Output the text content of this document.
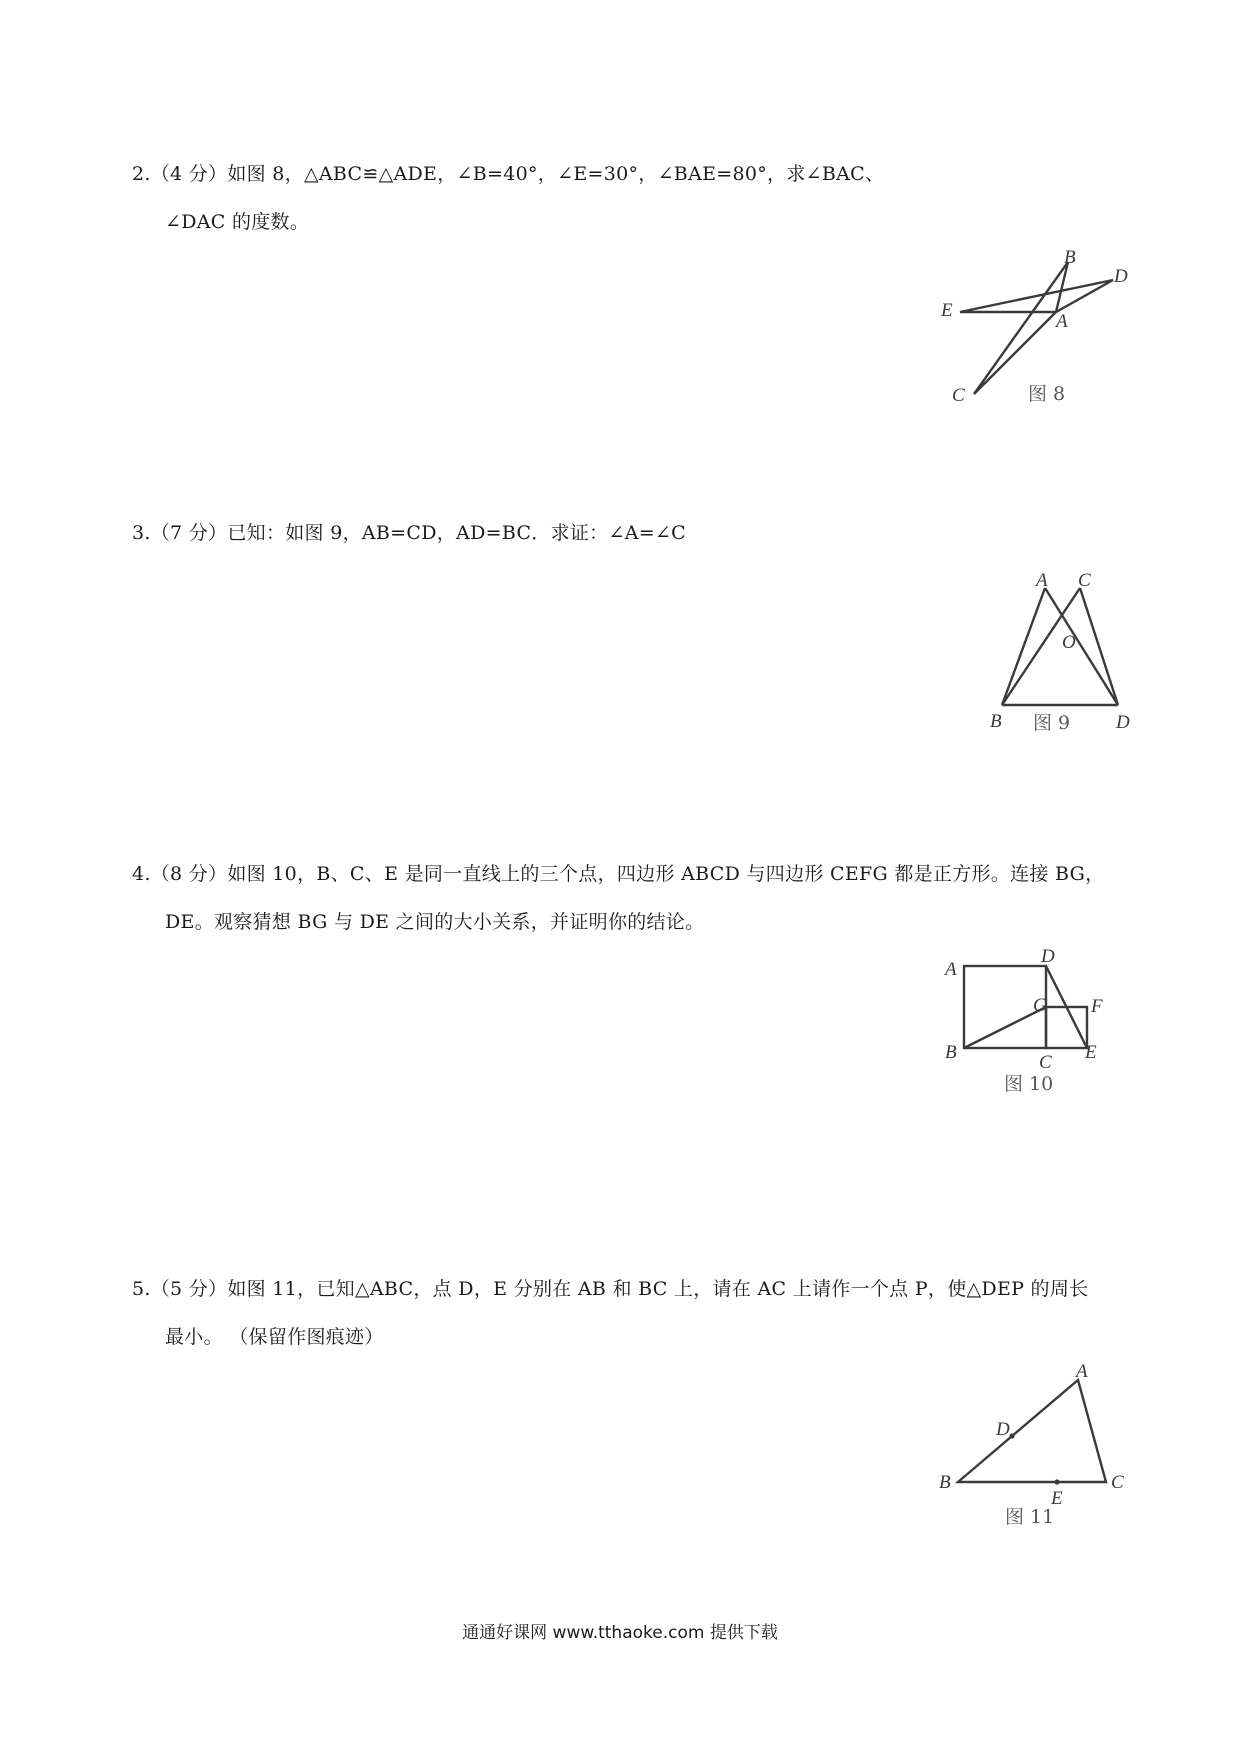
2.（4 分）如图 8，△ABC≌△ADE，∠B=40°，∠E=30°，∠BAE=80°，求∠BAC、
∠DAC 的度数。
B
D
E
A
C	图 8
3.（7 分）已知：如图 9，AB=CD，AD=BC．求证：∠A=∠C
A C
O
B	D
图 9
4.（8 分）如图 10，B、C、E 是同一直线上的三个点，四边形 ABCD 与四边形 CEFG 都是正方形。连接 BG，
DE。观察猜想 BG 与 DE 之间的大小关系，并证明你的结论。
A
D
G F
B	C E
图 10
5.（5 分）如图 11，已知△ABC，点 D，E 分别在 AB 和 BC 上，请在 AC 上请作一个点 P，使△DEP 的周长
最小。 （保留作图痕迹）
A
D
B
E
C
图 11
通通好课网 www.tthaoke.com 提供下载
